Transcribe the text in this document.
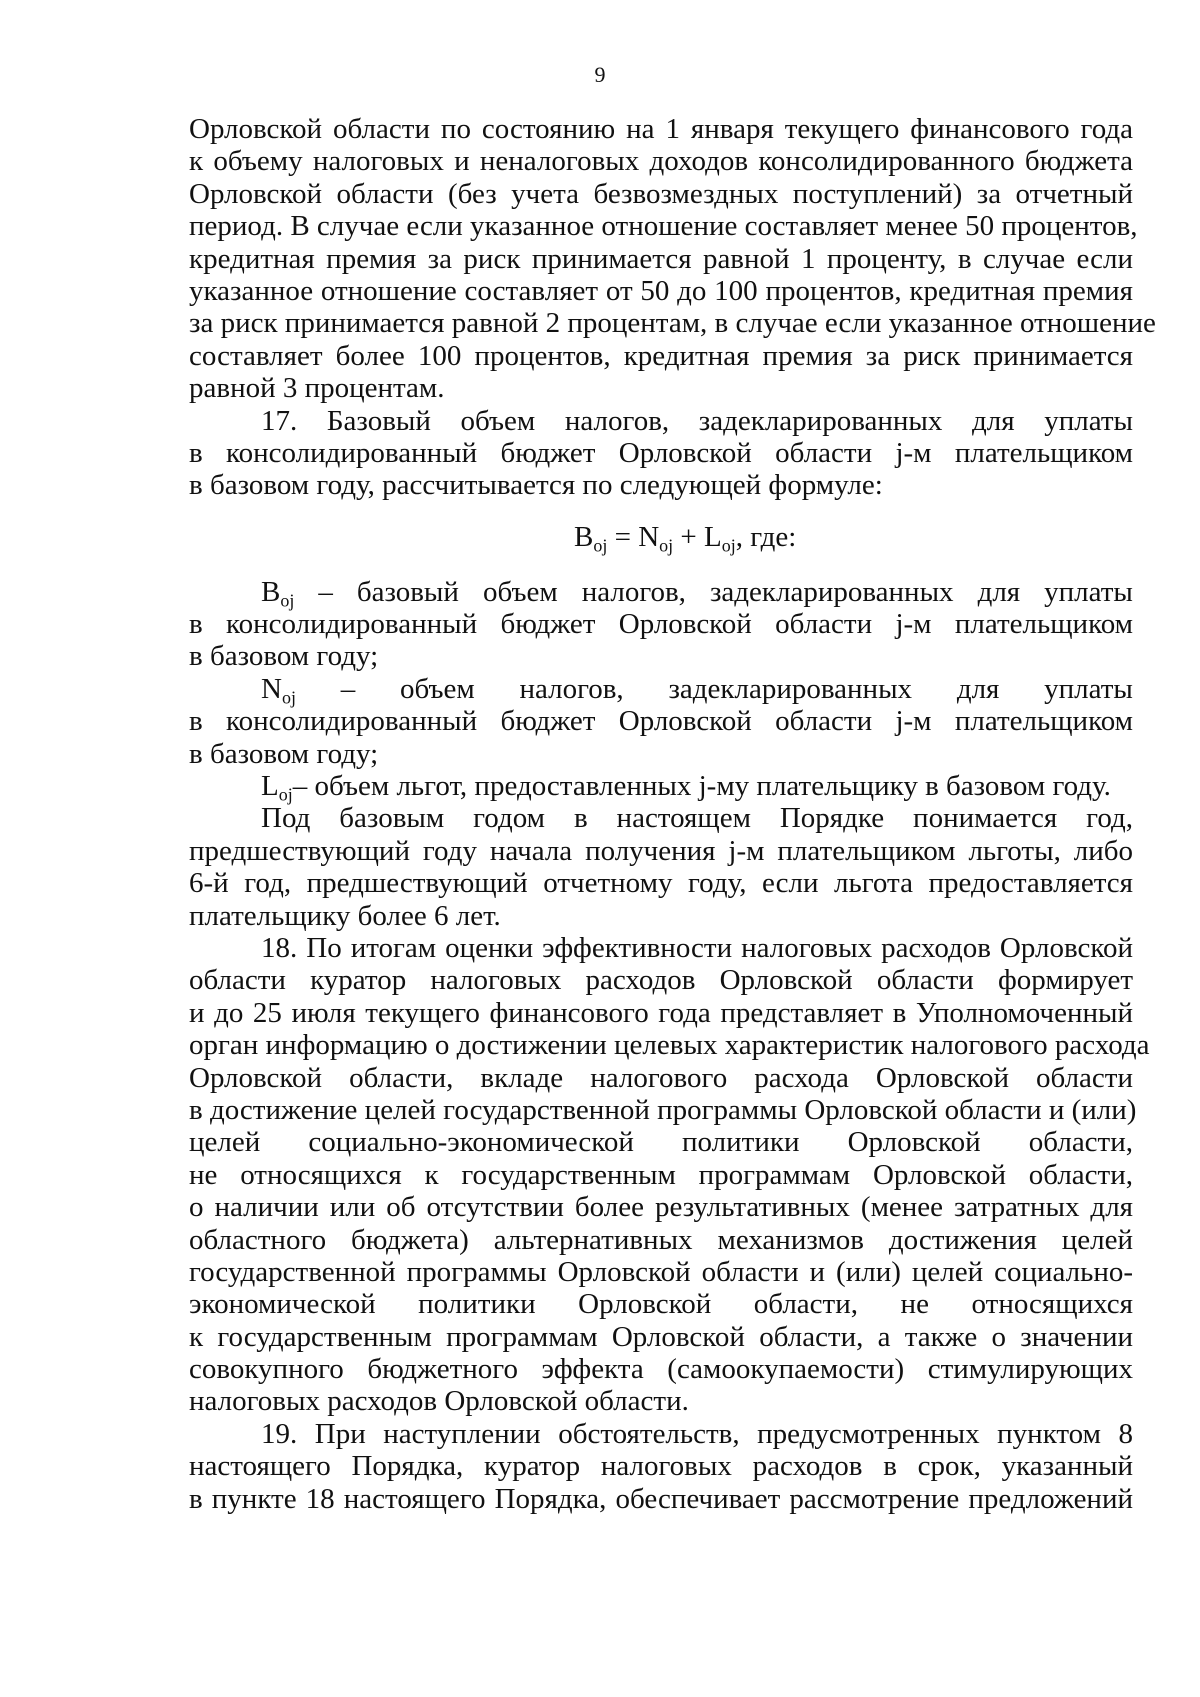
9
Орловской области по состоянию на 1 января текущего финансового года
к объему налоговых и неналоговых доходов консолидированного бюджета
Орловской области (без учета безвозмездных поступлений) за отчетный
период. В случае если указанное отношение составляет менее 50 процентов,
кредитная премия за риск принимается равной 1 проценту, в случае если
указанное отношение составляет от 50 до 100 процентов, кредитная премия
за риск принимается равной 2 процентам, в случае если указанное отношение
составляет более 100 процентов, кредитная премия за риск принимается
равной 3 процентам.
17. Базовый объем налогов, задекларированных для уплаты
в консолидированный бюджет Орловской области j-м плательщиком
в базовом году, рассчитывается по следующей формуле:
$B_{oj} = N_{oj} + L_{oj}$, где:
$B_{oj}$ – базовый объем налогов, задекларированных для уплаты
в консолидированный бюджет Орловской области j-м плательщиком
в базовом году;
$N_{oj}$ – объем налогов, задекларированных для уплаты
в консолидированный бюджет Орловской области j-м плательщиком
в базовом году;
$L_{oj}-$ объем льгот, предоставленных j-му плательщику в базовом году.
Под базовым годом в настоящем Порядке понимается год,
предшествующий году начала получения j-м плательщиком льготы, либо
6-й год, предшествующий отчетному году, если льгота предоставляется
плательщику более 6 лет.
18. По итогам оценки эффективности налоговых расходов Орловской
области куратор налоговых расходов Орловской области формирует
и до 25 июля текущего финансового года представляет в Уполномоченный
орган информацию о достижении целевых характеристик налогового расхода
Орловской области, вкладе налогового расхода Орловской области
в достижение целей государственной программы Орловской области и (или)
целей социально-экономической политики Орловской области,
не относящихся к государственным программам Орловской области,
о наличии или об отсутствии более результативных (менее затратных для
областного бюджета) альтернативных механизмов достижения целей
государственной программы Орловской области и (или) целей социально-
экономической политики Орловской области, не относящихся
к государственным программам Орловской области, а также о значении
совокупного бюджетного эффекта (самоокупаемости) стимулирующих
налоговых расходов Орловской области.
19. При наступлении обстоятельств, предусмотренных пунктом 8
настоящего Порядка, куратор налоговых расходов в срок, указанный
в пункте 18 настоящего Порядка, обеспечивает рассмотрение предложений
